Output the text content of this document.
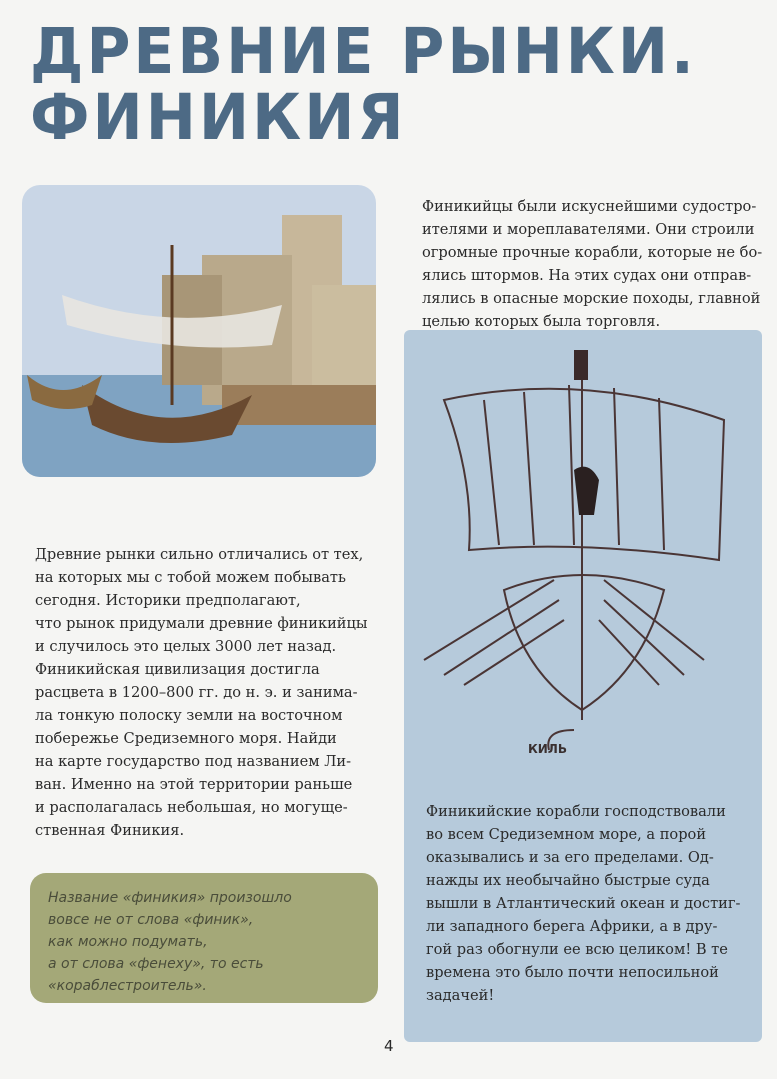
ДРЕВНИЕ РЫНКИ.
ФИНИКИЯ
Финикийцы были искуснейшими судостро-
ителями и мореплавателями. Они строили
огромные прочные корабли, которые не бо-
ялись штормов. На этих судах они отправ-
лялись в опасные морские походы, главной
целью которых была торговля.
Финикийские корабли господствовали
во всем Средиземном море, а порой
оказывались и за его пределами. Од-
нажды их необычайно быстрые суда
вышли в Атлантический океан и достиг-
ли западного берега Африки, а в дру-
гой раз обогнули ее всю целиком! В те
времена это было почти непосильной
задачей!
КИЛЬ
Древние рынки сильно отличались от тех,
на которых мы с тобой можем побывать
сегодня. Историки предполагают,
что рынок придумали древние финикийцы
и случилось это целых 3000 лет назад.
Финикийская цивилизация достигла
расцвета в 1200–800 гг. до н. э. и занима-
ла тонкую полоску земли на восточном
побережье Средиземного моря. Найди
на карте государство под названием Ли-
ван. Именно на этой территории раньше
и располагалась небольшая, но могуще-
ственная Финикия.
Название «финикия» произошло
вовсе не от слова «финик»,
как можно подумать,
а от слова «фенеху», то есть
«кораблестроитель».
4
